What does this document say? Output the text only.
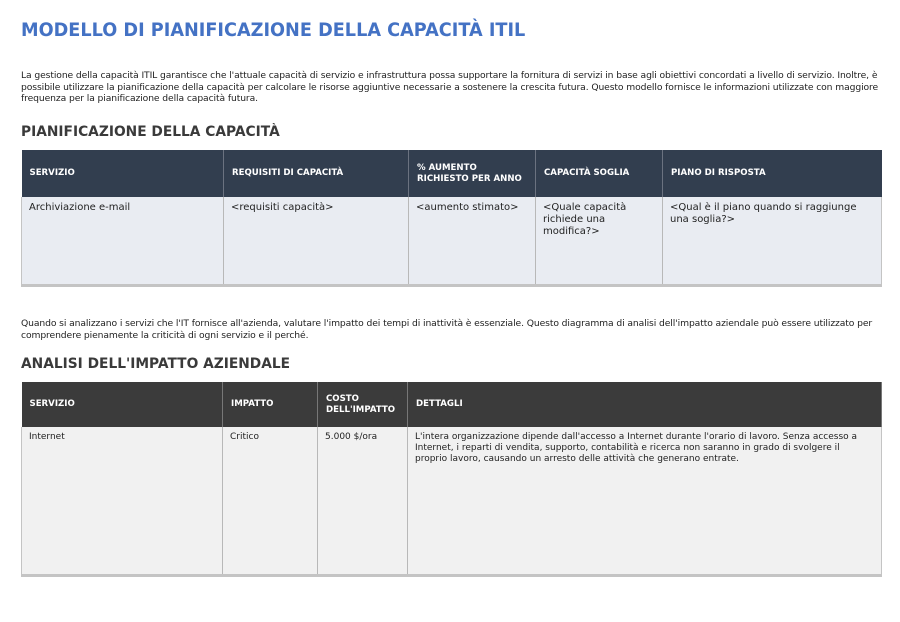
MODELLO DI PIANIFICAZIONE DELLA CAPACITÀ ITIL

La gestione della capacità ITIL garantisce che l'attuale capacità di servizio e infrastruttura possa supportare la fornitura di servizi in base agli obiettivi concordati a livello di servizio. Inoltre, è possibile utilizzare la pianificazione della capacità per calcolare le risorse aggiuntive necessarie a sostenere la crescita futura. Questo modello fornisce le informazioni utilizzate con maggiore frequenza per la pianificazione della capacità futura.

PIANIFICAZIONE DELLA CAPACITÀ
SERVIZIO	REQUISITI DI CAPACITÀ	% AUMENTO RICHIESTO PER ANNO	CAPACITÀ SOGLIA	PIANO DI RISPOSTA
Archiviazione e-mail	<requisiti capacità>	<aumento stimato>	<Quale capacità richiede una modifica?>	<Qual è il piano quando si raggiunge una soglia?>

Quando si analizzano i servizi che l'IT fornisce all'azienda, valutare l'impatto dei tempi di inattività è essenziale. Questo diagramma di analisi dell'impatto aziendale può essere utilizzato per comprendere pienamente la criticità di ogni servizio e il perché.

ANALISI DELL'IMPATTO AZIENDALE
SERVIZIO	IMPATTO	COSTO DELL'IMPATTO	DETTAGLI
Internet	Critico	5.000 $/ora	L'intera organizzazione dipende dall'accesso a Internet durante l'orario di lavoro. Senza accesso a Internet, i reparti di vendita, supporto, contabilità e ricerca non saranno in grado di svolgere il proprio lavoro, causando un arresto delle attività che generano entrate.
